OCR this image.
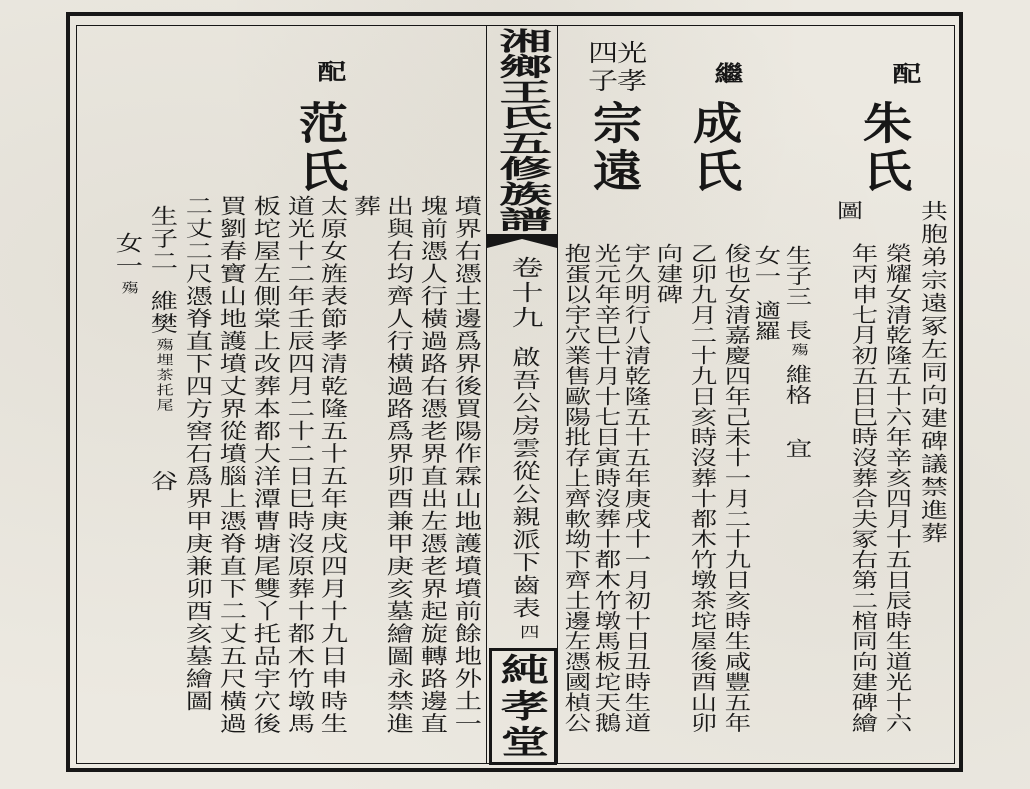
湘鄉王氏五修族譜
卷十九
啟吾公房雲從公親派下齒表
四
純孝堂
配
繼
光孝
四子
朱氏
成氏
宗遠
共胞弟宗遠冢左同向建碑議禁進葬
榮耀女清乾隆五十六年辛亥四月十五日辰時生道光十六
年丙申七月初五日巳時沒葬合夫冢右第二棺同向建碑繪
圖
生子三
長
殤
維格
宜
女一
適羅
俊也女清嘉慶四年己未十一月二十九日亥時生咸豐五年
乙卯九月二十九日亥時沒葬十都木竹墩茶坨屋後酉山卯
向建碑
宇久明行八清乾隆五十五年庚戌十一月初十日丑時生道
光元年辛巳十月十七日寅時沒葬十都木竹墩馬板坨天鵝
抱蛋以宇穴業售歐陽批存上齊軟坳下齊土邊左憑國楨公
配
范氏
墳界右憑土邊爲界後買陽作霖山地護墳墳前餘地外土一
塊前憑人行橫過路右憑老界直出左憑老界起旋轉路邊直
出與右均齊人行橫過路爲界卯酉兼甲庚亥墓繪圖永禁進
葬
太原女旌表節孝清乾隆五十五年庚戌四月十九日申時生
道光十二年壬辰四月二十二日巳時沒原葬十都木竹墩馬
板坨屋左側棠上改葬本都大洋潭曹塘尾雙丫托品宇穴後
買劉春寶山地護墳丈界從墳腦上憑脊直下二丈五尺橫過
二丈二尺憑脊直下四方窖石爲界甲庚兼卯酉亥墓繪圖
生子二
維樊
殤埋茶托尾
谷
女一
殤
